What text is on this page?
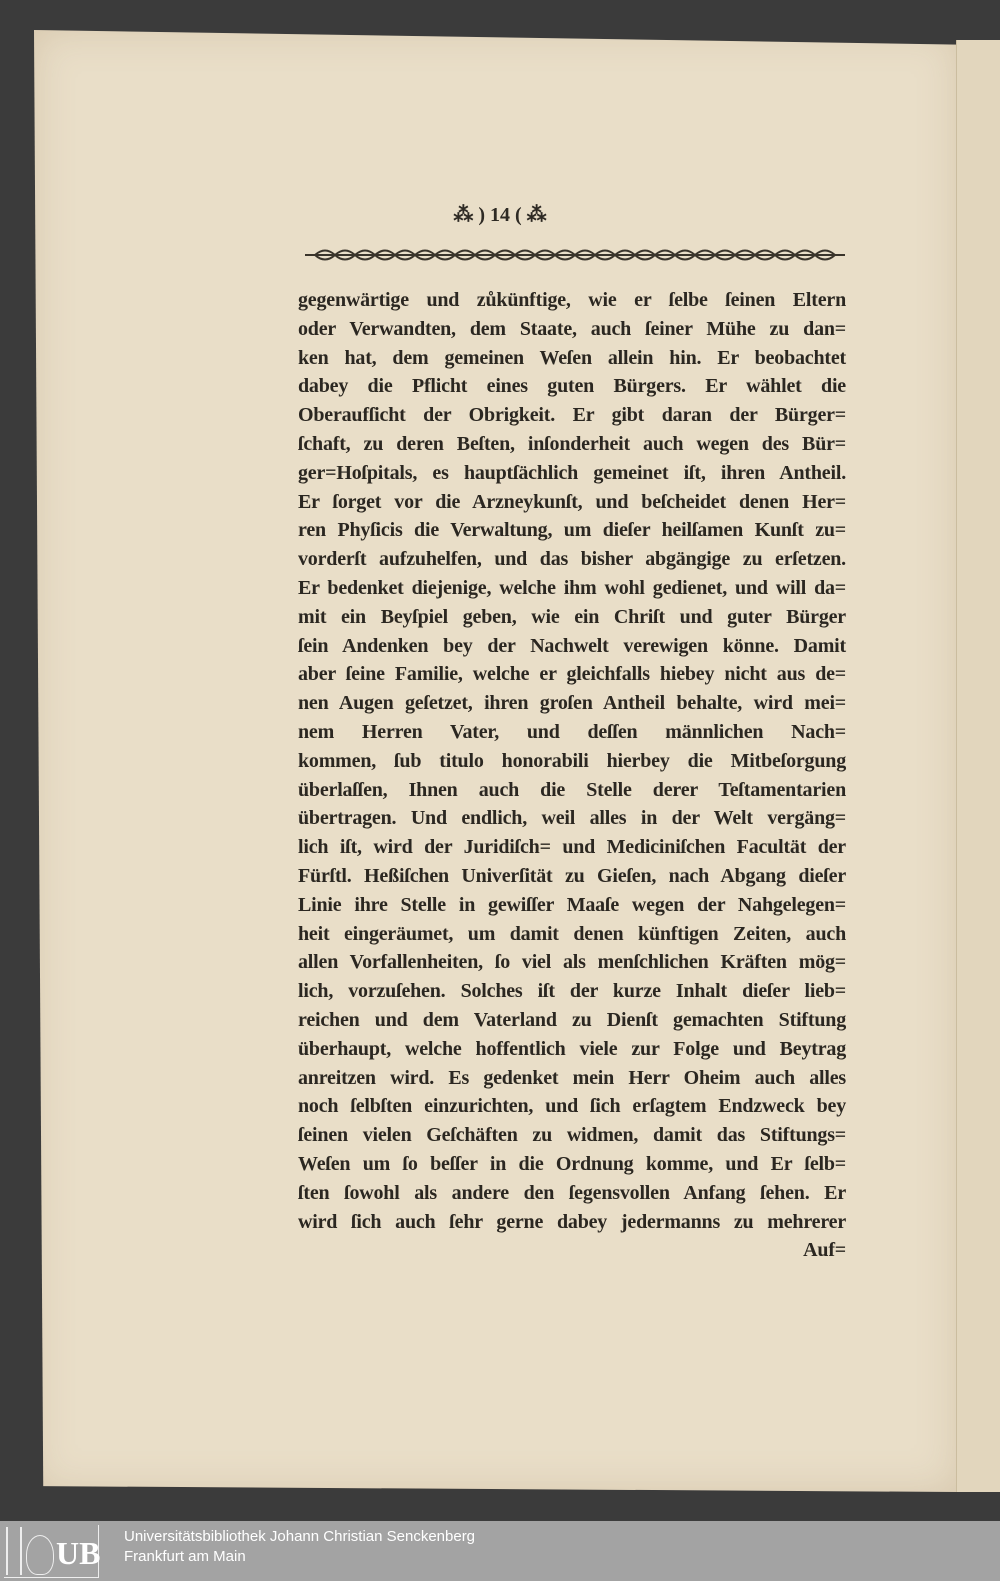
⁂ ) 14 ( ⁂
gegenwärtige und zůkünftige, wie er ſelbe ſeinen Eltern
oder Verwandten, dem Staate, auch ſeiner Mühe zu dan=
ken hat, dem gemeinen Weſen allein hin. Er beobachtet
dabey die Pflicht eines guten Bürgers. Er wählet die
Oberaufſicht der Obrigkeit. Er gibt daran der Bürger=
ſchaft, zu deren Beſten, inſonderheit auch wegen des Bür=
ger=Hoſpitals, es hauptſächlich gemeinet iſt, ihren Antheil.
Er ſorget vor die Arzneykunſt, und beſcheidet denen Her=
ren Phyſicis die Verwaltung, um dieſer heilſamen Kunſt zu=
vorderſt aufzuhelfen, und das bisher abgängige zu erſetzen.
Er bedenket diejenige, welche ihm wohl gedienet, und will da=
mit ein Beyſpiel geben, wie ein Chriſt und guter Bürger
ſein Andenken bey der Nachwelt verewigen könne. Damit
aber ſeine Familie, welche er gleichfalls hiebey nicht aus de=
nen Augen geſetzet, ihren groſen Antheil behalte, wird mei=
nem Herren Vater, und deſſen männlichen Nach=
kommen, ſub titulo honorabili hierbey die Mitbeſorgung
überlaſſen, Ihnen auch die Stelle derer Teſtamentarien
übertragen. Und endlich, weil alles in der Welt vergäng=
lich iſt, wird der Juridiſch= und Mediciniſchen Facultät der
Fürſtl. Heßiſchen Univerſität zu Gieſen, nach Abgang dieſer
Linie ihre Stelle in gewiſſer Maaſe wegen der Nahgelegen=
heit eingeräumet, um damit denen künftigen Zeiten, auch
allen Vorfallenheiten, ſo viel als menſchlichen Kräften mög=
lich, vorzuſehen. Solches iſt der kurze Inhalt dieſer lieb=
reichen und dem Vaterland zu Dienſt gemachten Stiftung
überhaupt, welche hoffentlich viele zur Folge und Beytrag
anreitzen wird. Es gedenket mein Herr Oheim auch alles
noch ſelbſten einzurichten, und ſich erſagtem Endzweck bey
ſeinen vielen Geſchäften zu widmen, damit das Stiftungs=
Weſen um ſo beſſer in die Ordnung komme, und Er ſelb=
ſten ſowohl als andere den ſegensvollen Anfang ſehen. Er
wird ſich auch ſehr gerne dabey jedermanns zu mehrerer
Auf=
UB Universitätsbibliothek Johann Christian Senckenberg
Frankfurt am Main
